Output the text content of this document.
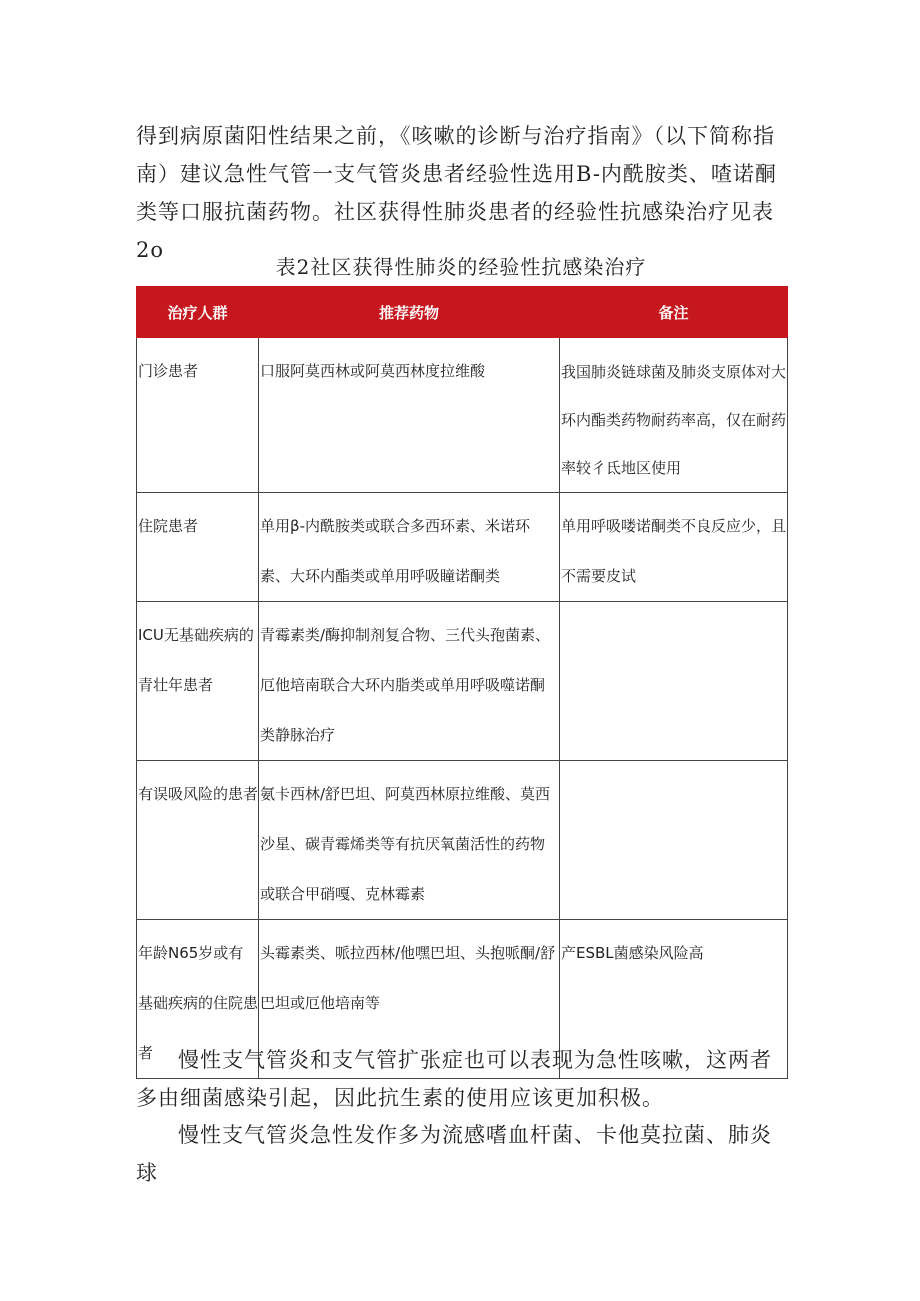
得到病原菌阳性结果之前，《咳嗽的诊断与治疗指南》（以下简称指南）建议急性气管一支气管炎患者经验性选用B-内酰胺类、喳诺酮类等口服抗菌药物。社区获得性肺炎患者的经验性抗感染治疗见表2o

表2社区获得性肺炎的经验性抗感染治疗
治疗人群	推荐药物	备注

门诊患者	口服阿莫西林或阿莫西林度拉维酸	我国肺炎链球菌及肺炎支原体对大环内酯类药物耐药率高，仅在耐药率较彳氐地区使用

住院患者	单用β-内酰胺类或联合多西环素、米诺环素、大环内酯类或单用呼吸瞳诺酮类	单用呼吸喽诺酮类不良反应少，且不需要皮试

ICU无基础疾病的青壮年患者	青霉素类/酶抑制剂复合物、三代头孢菌素、厄他培南联合大环内脂类或单用呼吸噬诺酮类静脉治疗	

有误吸风险的患者	氨卡西林/舒巴坦、阿莫西林原拉维酸、莫西沙星、碳青霉烯类等有抗厌氧菌活性的药物或联合甲硝嘎、克林霉素	

年龄N65岁或有基础疾病的住院患者	头霉素类、哌拉西林/他嘿巴坦、头抱哌酮/舒巴坦或厄他培南等	产ESBL菌感染风险高

慢性支气管炎和支气管扩张症也可以表现为急性咳嗽，这两者多由细菌感染引起，因此抗生素的使用应该更加积极。

慢性支气管炎急性发作多为流感嗜血杆菌、卡他莫拉菌、肺炎球
